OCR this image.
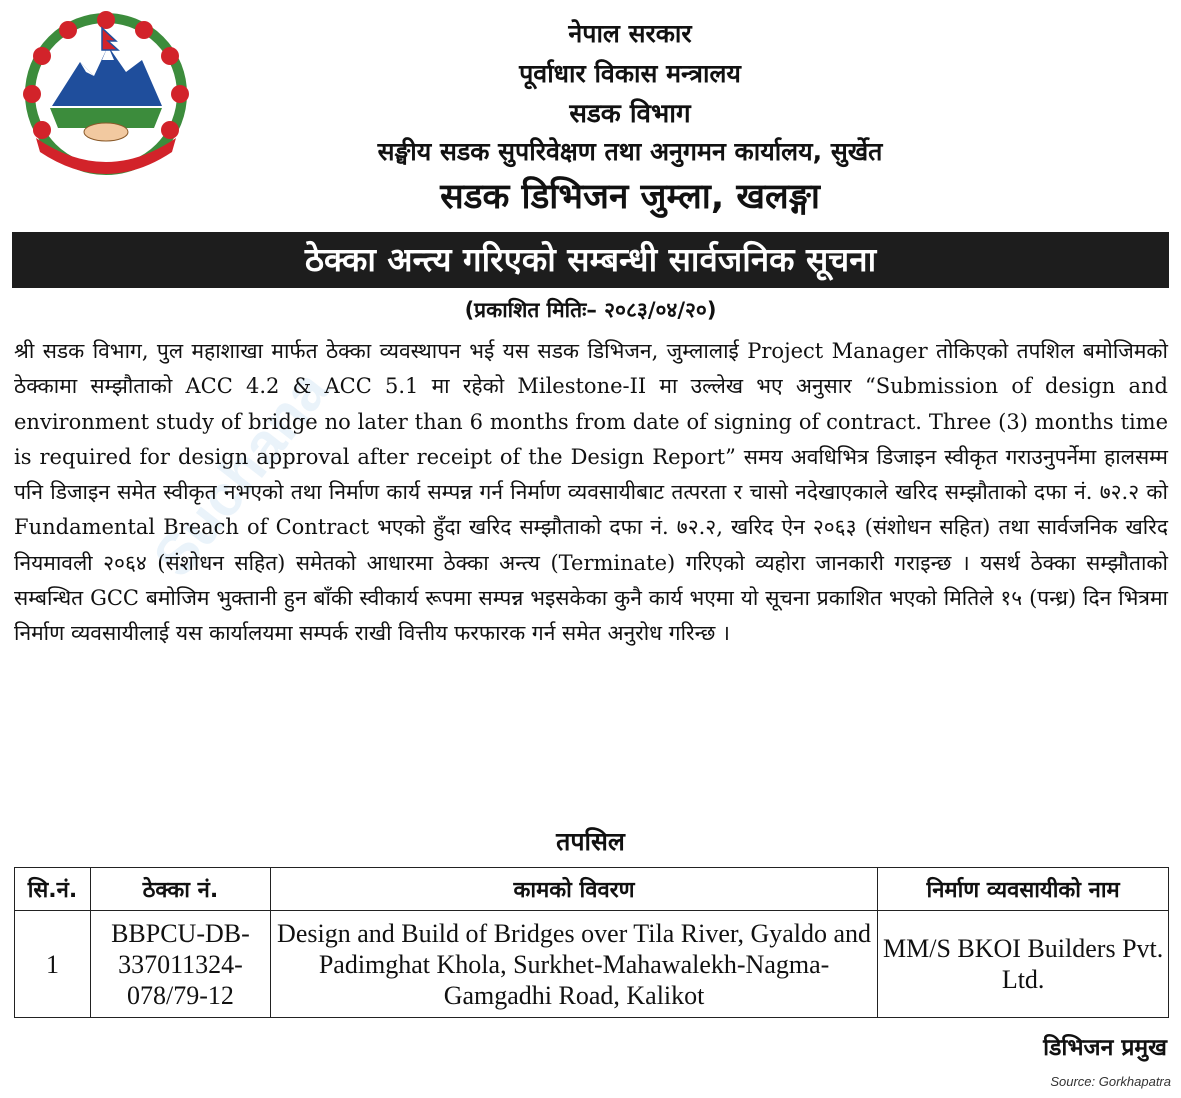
नेपाल सरकार
पूर्वाधार विकास मन्त्रालय
सडक विभाग
सङ्घीय सडक सुपरिवेक्षण तथा अनुगमन कार्यालय, सुर्खेत
सडक डिभिजन जुम्ला, खलङ्गा
ठेक्का अन्त्य गरिएको सम्बन्धी सार्वजनिक सूचना
(प्रकाशित मितिः– २०८३/०४/२०)
Suchana

श्री सडक विभाग, पुल महाशाखा मार्फत ठेक्का व्यवस्थापन भई यस सडक डिभिजन, जुम्लालाई Project Manager तोकिएको तपशिल बमोजिमको ठेक्कामा सम्झौताको ACC 4.2 & ACC 5.1 मा रहेको Milestone-II मा उल्लेख भए अनुसार “Submission of design and environment study of bridge no later than 6 months from date of signing of contract. Three (3) months time is required for design approval after receipt of the Design Report” समय अवधिभित्र डिजाइन स्वीकृत गराउनुपर्नेमा हालसम्म पनि डिजाइन समेत स्वीकृत नभएको तथा निर्माण कार्य सम्पन्न गर्न निर्माण व्यवसायीबाट तत्परता र चासो नदेखाएकाले खरिद सम्झौताको दफा नं. ७२.२ को Fundamental Breach of Contract भएको हुँदा खरिद सम्झौताको दफा नं. ७२.२, खरिद ऐन २०६३ (संशोधन सहित) तथा सार्वजनिक खरिद नियमावली २०६४ (संशोधन सहित) समेतको आधारमा ठेक्का अन्त्य (Terminate) गरिएको व्यहोरा जानकारी गराइन्छ । यसर्थ ठेक्का सम्झौताको सम्बन्धित GCC बमोजिम भुक्तानी हुन बाँकी स्वीकार्य रूपमा सम्पन्न भइसकेका कुनै कार्य भएमा यो सूचना प्रकाशित भएको मितिले १५ (पन्ध्र) दिन भित्रमा निर्माण व्यवसायीलाई यस कार्यालयमा सम्पर्क राखी वित्तीय फरफारक गर्न समेत अनुरोध गरिन्छ ।

तपसिल
सि.नं.	ठेक्का नं.	कामको विवरण	निर्माण व्यवसायीको नाम
1	BBPCU-DB-337011324-078/79-12	Design and Build of Bridges over Tila River, Gyaldo and Padimghat Khola, Surkhet-Mahawalekh-Nagma-Gamgadhi Road, Kalikot	MM/S BKOI Builders Pvt. Ltd.
डिभिजन प्रमुख
Source: Gorkhapatra
